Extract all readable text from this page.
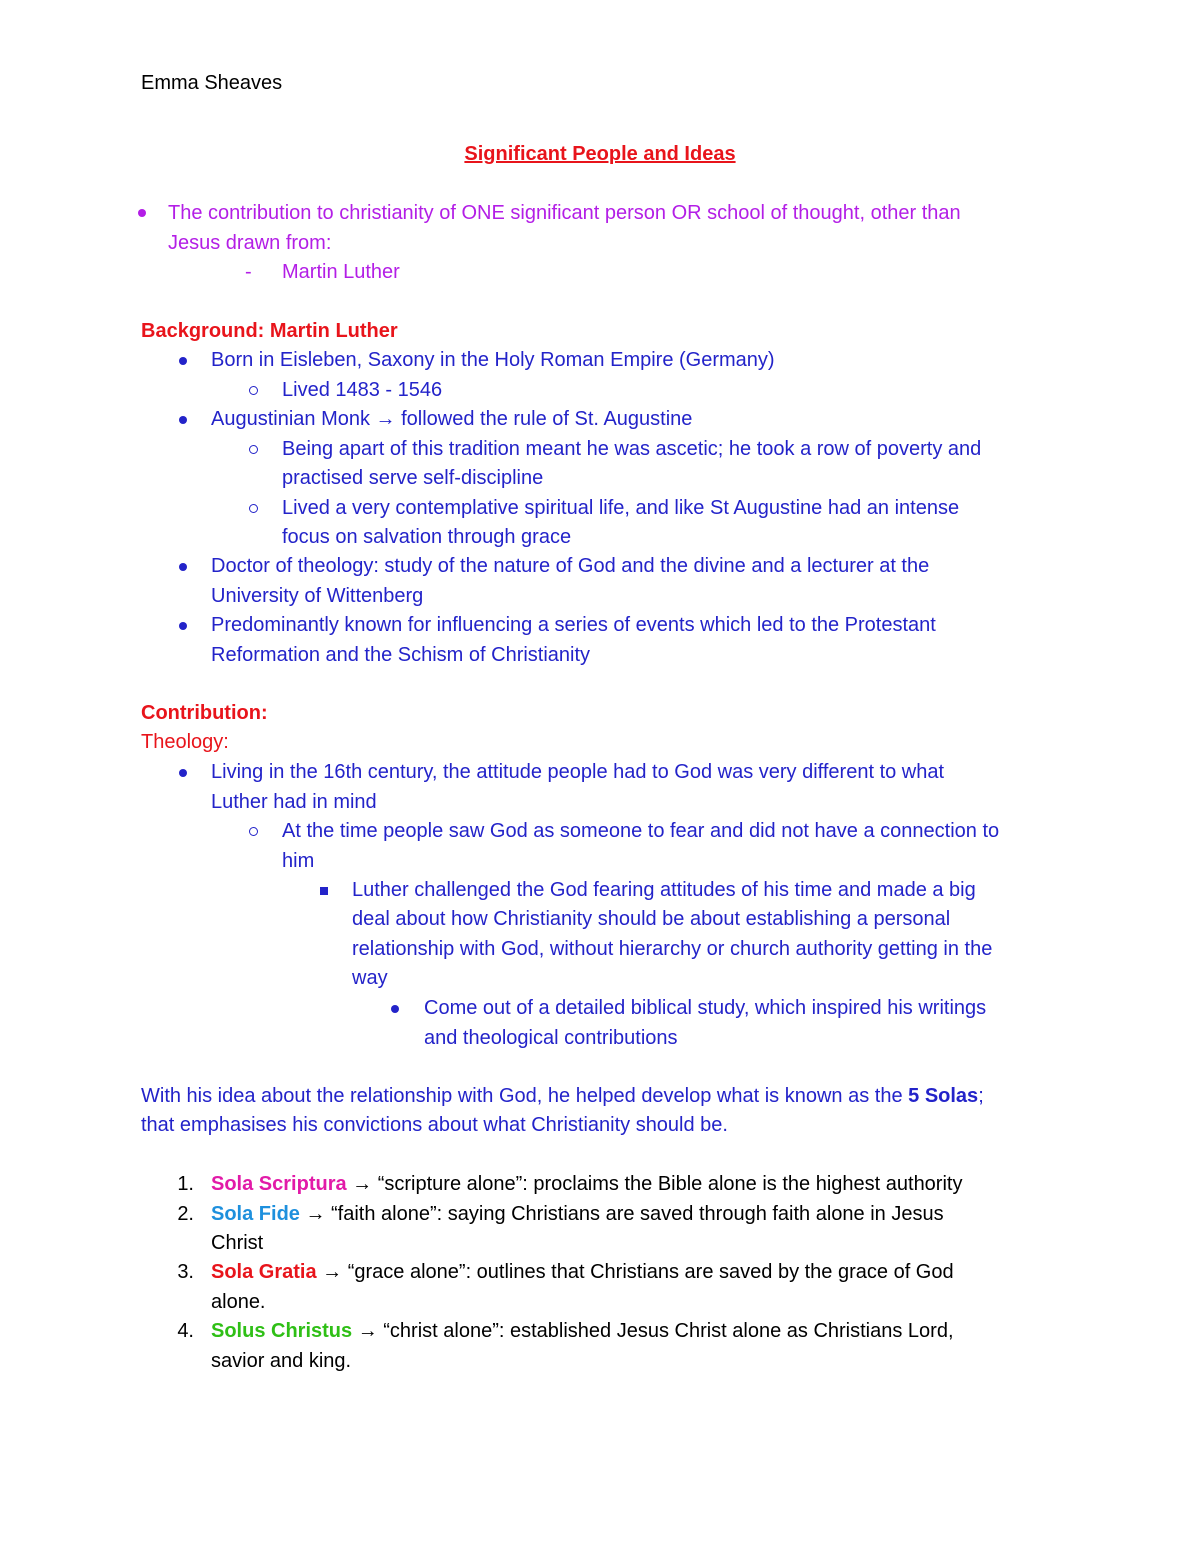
Emma Sheaves
Significant People and Ideas
The contribution to christianity of ONE significant person OR school of thought, other than
Jesus drawn from:
- Martin Luther
Background: Martin Luther
Born in Eisleben, Saxony in the Holy Roman Empire (Germany)
Lived 1483 - 1546
Augustinian Monk → followed the rule of St. Augustine
Being apart of this tradition meant he was ascetic; he took a row of poverty and
practised serve self-discipline
Lived a very contemplative spiritual life, and like St Augustine had an intense
focus on salvation through grace
Doctor of theology: study of the nature of God and the divine and a lecturer at the
University of Wittenberg
Predominantly known for influencing a series of events which led to the Protestant
Reformation and the Schism of Christianity
Contribution:
Theology:
Living in the 16th century, the attitude people had to God was very different to what
Luther had in mind
At the time people saw God as someone to fear and did not have a connection to
him
Luther challenged the God fearing attitudes of his time and made a big
deal about how Christianity should be about establishing a personal
relationship with God, without hierarchy or church authority getting in the
way
Come out of a detailed biblical study, which inspired his writings
and theological contributions
With his idea about the relationship with God, he helped develop what is known as the 5 Solas;
that emphasises his convictions about what Christianity should be.
1. Sola Scriptura → “scripture alone”: proclaims the Bible alone is the highest authority
2. Sola Fide → “faith alone”: saying Christians are saved through faith alone in Jesus
Christ
3. Sola Gratia → “grace alone”: outlines that Christians are saved by the grace of God
alone.
4. Solus Christus → “christ alone”: established Jesus Christ alone as Christians Lord,
savior and king.
